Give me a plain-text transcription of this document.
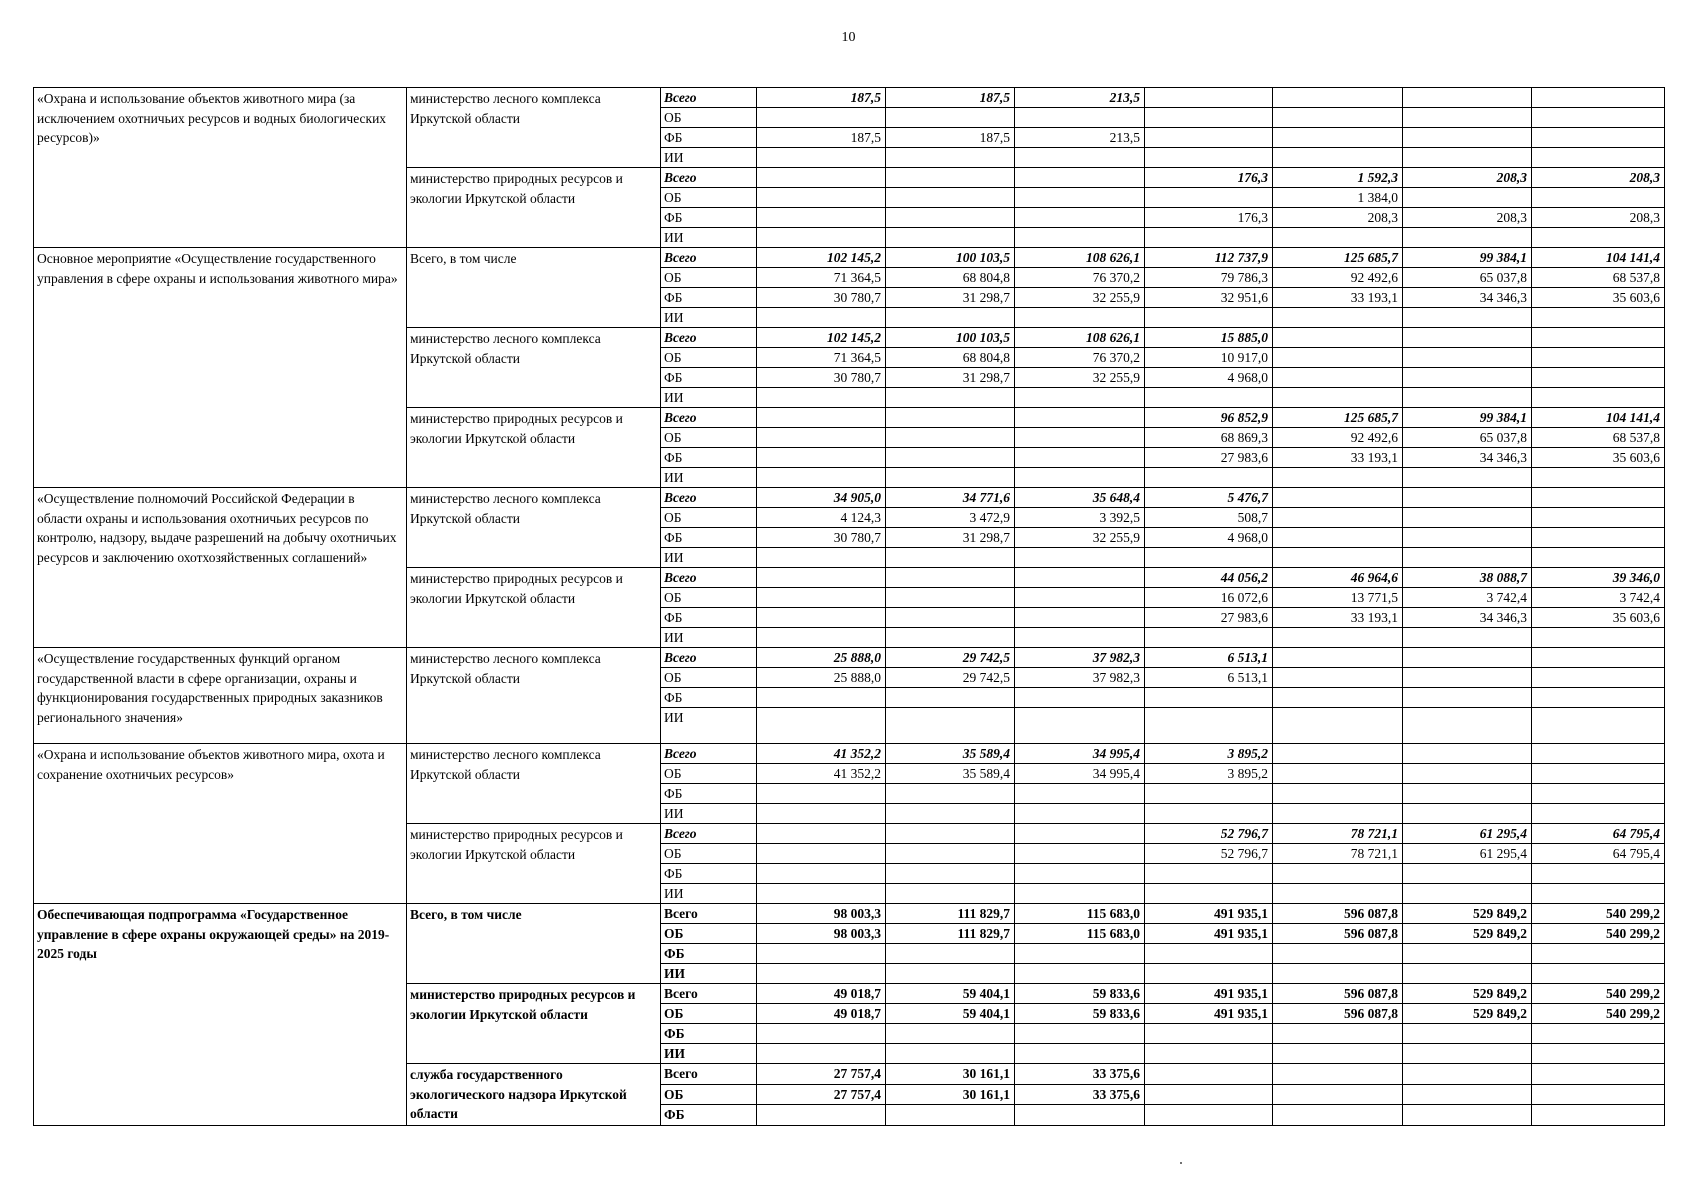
10
«Охрана и использование объектов животного мира (за исключением охотничьих ресурсов и водных биологических ресурсов)»	министерство лесного комплекса Иркутской области	Всего	187,5	187,5	213,5				
		ОБ							
		ФБ	187,5	187,5	213,5				
		ИИ							
	министерство природных ресурсов и экологии Иркутской области	Всего				176,3	1 592,3	208,3	208,3
		ОБ					1 384,0		
		ФБ				176,3	208,3	208,3	208,3
		ИИ							
Основное мероприятие «Осуществление государственного управления в сфере охраны и использования животного мира»	Всего, в том числе	Всего	102 145,2	100 103,5	108 626,1	112 737,9	125 685,7	99 384,1	104 141,4
		ОБ	71 364,5	68 804,8	76 370,2	79 786,3	92 492,6	65 037,8	68 537,8
		ФБ	30 780,7	31 298,7	32 255,9	32 951,6	33 193,1	34 346,3	35 603,6
		ИИ							
	министерство лесного комплекса Иркутской области	Всего	102 145,2	100 103,5	108 626,1	15 885,0			
		ОБ	71 364,5	68 804,8	76 370,2	10 917,0			
		ФБ	30 780,7	31 298,7	32 255,9	4 968,0			
		ИИ							
	министерство природных ресурсов и экологии Иркутской области	Всего				96 852,9	125 685,7	99 384,1	104 141,4
		ОБ				68 869,3	92 492,6	65 037,8	68 537,8
		ФБ				27 983,6	33 193,1	34 346,3	35 603,6
		ИИ							
«Осуществление полномочий Российской Федерации в области охраны и использования охотничьих ресурсов по контролю, надзору, выдаче разрешений на добычу охотничьих ресурсов и заключению охотхозяйственных соглашений»	министерство лесного комплекса Иркутской области	Всего	34 905,0	34 771,6	35 648,4	5 476,7			
		ОБ	4 124,3	3 472,9	3 392,5	508,7			
		ФБ	30 780,7	31 298,7	32 255,9	4 968,0			
		ИИ							
	министерство природных ресурсов и экологии Иркутской области	Всего				44 056,2	46 964,6	38 088,7	39 346,0
		ОБ				16 072,6	13 771,5	3 742,4	3 742,4
		ФБ				27 983,6	33 193,1	34 346,3	35 603,6
		ИИ							
«Осуществление государственных функций органом государственной власти в сфере организации, охраны и функционирования государственных природных заказников регионального значения»	министерство лесного комплекса Иркутской области	Всего	25 888,0	29 742,5	37 982,3	6 513,1			
		ОБ	25 888,0	29 742,5	37 982,3	6 513,1			
		ФБ							
		ИИ							
«Охрана и использование объектов животного мира, охота и сохранение охотничьих ресурсов»	министерство лесного комплекса Иркутской области	Всего	41 352,2	35 589,4	34 995,4	3 895,2			
		ОБ	41 352,2	35 589,4	34 995,4	3 895,2			
		ФБ							
		ИИ							
	министерство природных ресурсов и экологии Иркутской области	Всего				52 796,7	78 721,1	61 295,4	64 795,4
		ОБ				52 796,7	78 721,1	61 295,4	64 795,4
		ФБ							
		ИИ							
Обеспечивающая подпрограмма «Государственное управление в сфере охраны окружающей среды» на 2019-2025 годы	Всего, в том числе	Всего	98 003,3	111 829,7	115 683,0	491 935,1	596 087,8	529 849,2	540 299,2
		ОБ	98 003,3	111 829,7	115 683,0	491 935,1	596 087,8	529 849,2	540 299,2
		ФБ							
		ИИ							
	министерство природных ресурсов и экологии Иркутской области	Всего	49 018,7	59 404,1	59 833,6	491 935,1	596 087,8	529 849,2	540 299,2
		ОБ	49 018,7	59 404,1	59 833,6	491 935,1	596 087,8	529 849,2	540 299,2
		ФБ							
		ИИ							
	служба государственного экологического надзора Иркутской области	Всего	27 757,4	30 161,1	33 375,6				
		ОБ	27 757,4	30 161,1	33 375,6				
		ФБ							
